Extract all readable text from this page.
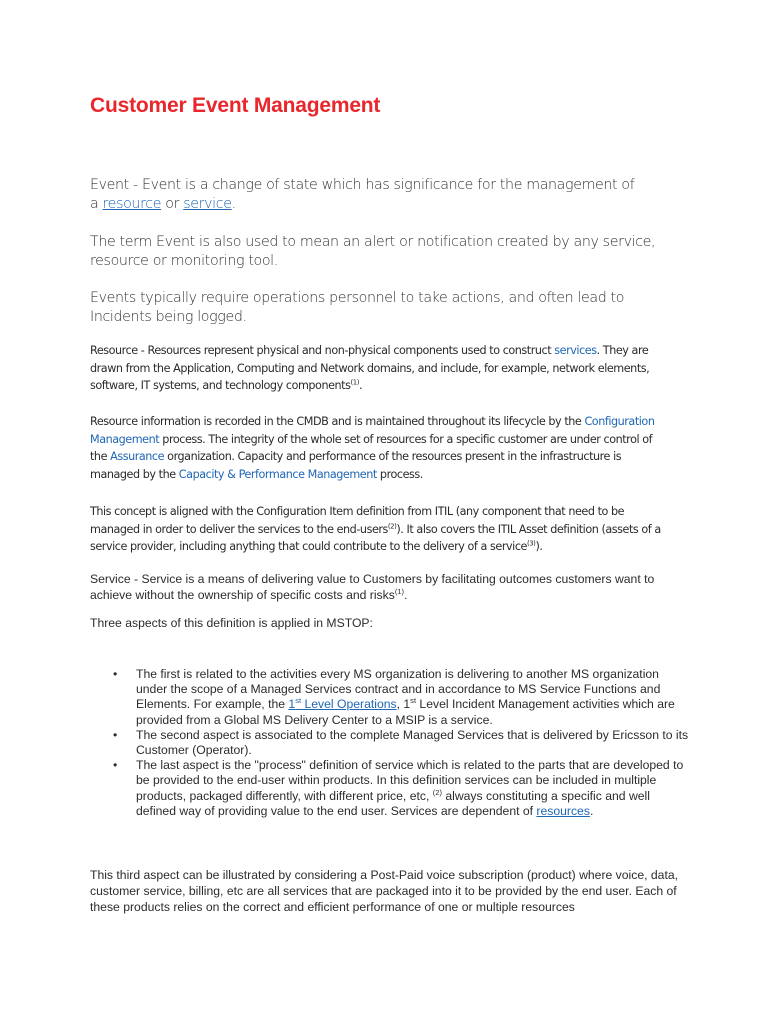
Customer Event Management

Event - Event is a change of state which has significance for the management of
a resource or service.

The term Event is also used to mean an alert or notification created by any service, resource or monitoring tool.

Events typically require operations personnel to take actions, and often lead to Incidents being logged.

Resource - Resources represent physical and non-physical components used to construct services. They are drawn from the Application, Computing and Network domains, and include, for example, network elements, software, IT systems, and technology components$^{(1)}$.

Resource information is recorded in the CMDB and is maintained throughout its lifecycle by the Configuration Management process. The integrity of the whole set of resources for a specific customer are under control of the Assurance organization. Capacity and performance of the resources present in the infrastructure is managed by the Capacity & Performance Management process.

This concept is aligned with the Configuration Item definition from ITIL (any component that need to be managed in order to deliver the services to the end-users$^{(2)}$). It also covers the ITIL Asset definition (assets of a service provider, including anything that could contribute to the delivery of a service$^{(3)}$).

Service - Service is a means of delivering value to Customers by facilitating outcomes customers want to achieve without the ownership of specific costs and risks$^{(1)}$.

Three aspects of this definition is applied in MSTOP:

• The first is related to the activities every MS organization is delivering to another MS organization under the scope of a Managed Services contract and in accordance to MS Service Functions and Elements. For example, the 1st Level Operations, 1st Level Incident Management activities which are provided from a Global MS Delivery Center to a MSIP is a service.
• The second aspect is associated to the complete Managed Services that is delivered by Ericsson to its Customer (Operator).
• The last aspect is the "process" definition of service which is related to the parts that are developed to be provided to the end-user within products. In this definition services can be included in multiple products, packaged differently, with different price, etc, $^{(2)}$ always constituting a specific and well defined way of providing value to the end user. Services are dependent of resources.

This third aspect can be illustrated by considering a Post-Paid voice subscription (product) where voice, data, customer service, billing, etc are all services that are packaged into it to be provided by the end user. Each of these products relies on the correct and efficient performance of one or multiple resources
